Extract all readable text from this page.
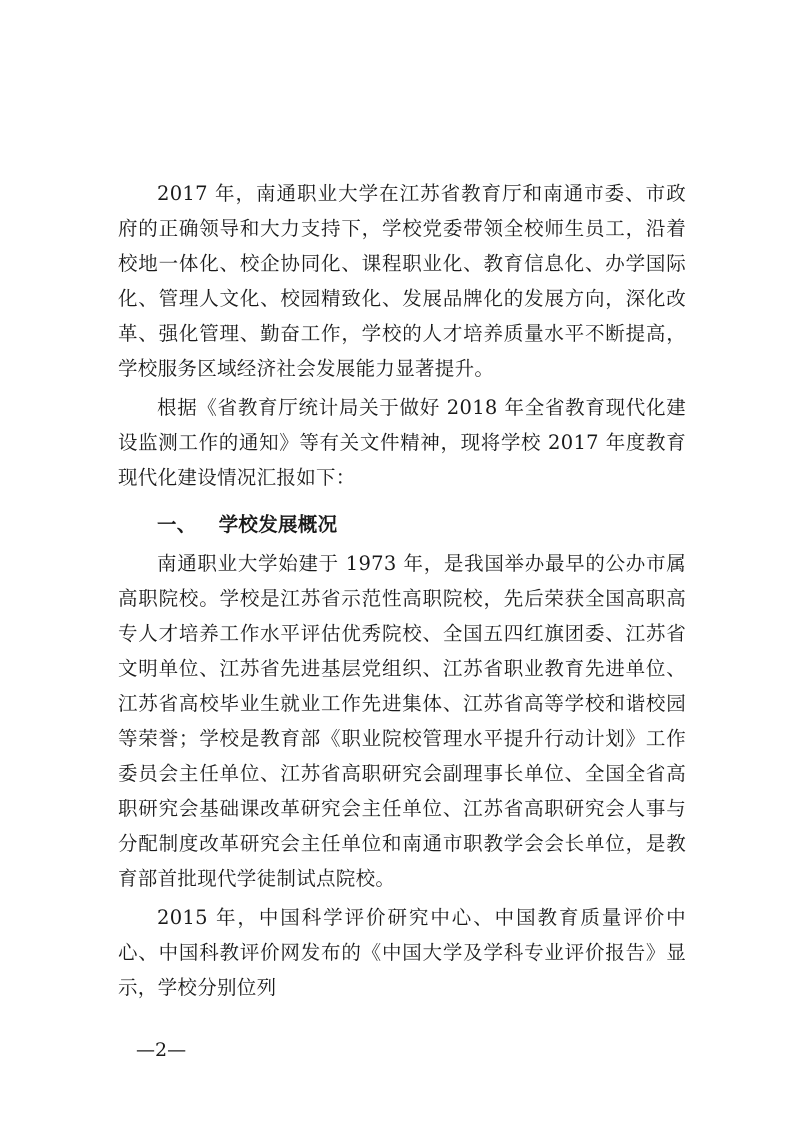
2017 年，南通职业大学在江苏省教育厅和南通市委、市政府的正确领导和大力支持下，学校党委带领全校师生员工，沿着校地一体化、校企协同化、课程职业化、教育信息化、办学国际化、管理人文化、校园精致化、发展品牌化的发展方向，深化改革、强化管理、勤奋工作，学校的人才培养质量水平不断提高，学校服务区域经济社会发展能力显著提升。

根据《省教育厅统计局关于做好 2018 年全省教育现代化建设监测工作的通知》等有关文件精神，现将学校 2017 年度教育现代化建设情况汇报如下：

一、 学校发展概况

南通职业大学始建于 1973 年，是我国举办最早的公办市属高职院校。学校是江苏省示范性高职院校，先后荣获全国高职高专人才培养工作水平评估优秀院校、全国五四红旗团委、江苏省文明单位、江苏省先进基层党组织、江苏省职业教育先进单位、江苏省高校毕业生就业工作先进集体、江苏省高等学校和谐校园等荣誉；学校是教育部《职业院校管理水平提升行动计划》工作委员会主任单位、江苏省高职研究会副理事长单位、全国全省高职研究会基础课改革研究会主任单位、江苏省高职研究会人事与分配制度改革研究会主任单位和南通市职教学会会长单位，是教育部首批现代学徒制试点院校。

2015 年，中国科学评价研究中心、中国教育质量评价中心、中国科教评价网发布的《中国大学及学科专业评价报告》显示，学校分别位列

—2—
